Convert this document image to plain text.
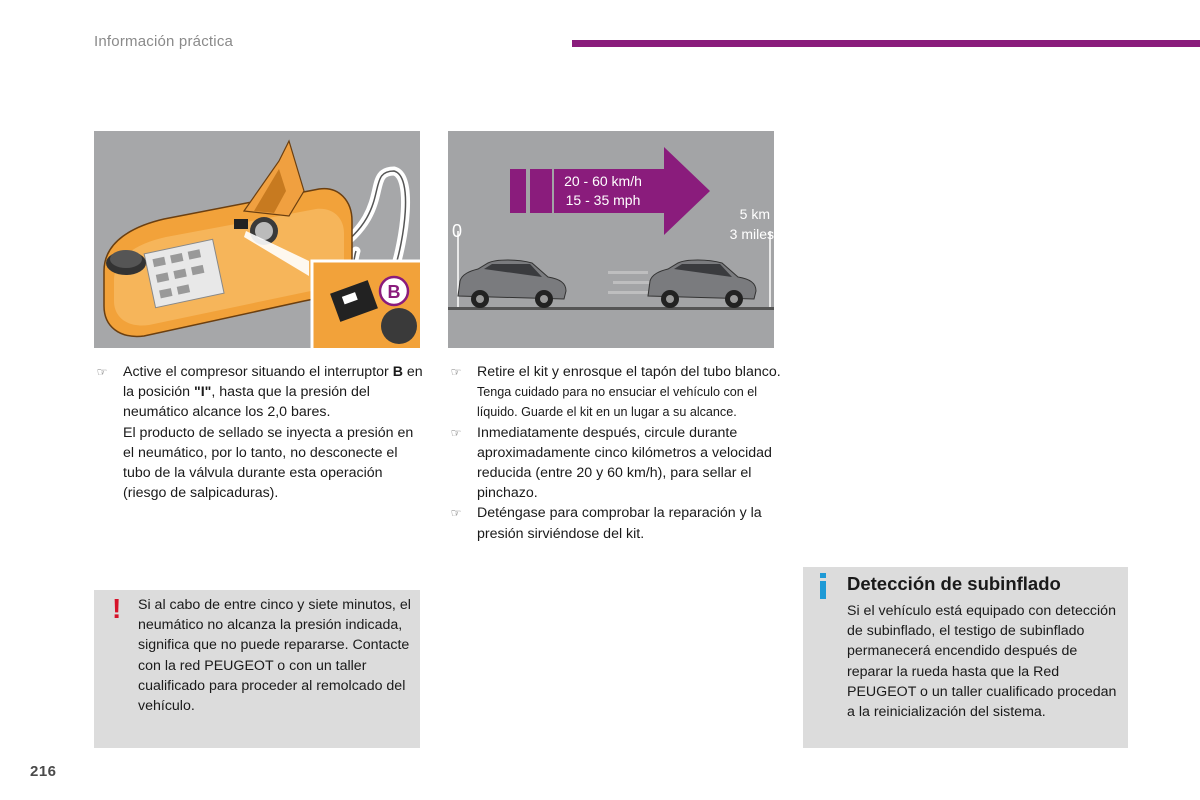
Información práctica
B
20 - 60 km/h
15 - 35 mph
0
5 km
3 miles
☞ Active el compresor situando el interruptor B en la posición "I", hasta que la presión del neumático alcance los 2,0 bares.
El producto de sellado se inyecta a presión en el neumático, por lo tanto, no desconecte el tubo de la válvula durante esta operación (riesgo de salpicaduras).
☞ Retire el kit y enrosque el tapón del tubo blanco.
Tenga cuidado para no ensuciar el vehículo con el líquido. Guarde el kit en un lugar a su alcance.
☞ Inmediatamente después, circule durante aproximadamente cinco kilómetros a velocidad reducida (entre 20 y 60 km/h), para sellar el pinchazo.
☞ Deténgase para comprobar la reparación y la presión sirviéndose del kit.
! Si al cabo de entre cinco y siete minutos, el neumático no alcanza la presión indicada, significa que no puede repararse. Contacte con la red PEUGEOT o con un taller cualificado para proceder al remolcado del vehículo.
Detección de subinflado
Si el vehículo está equipado con detección de subinflado, el testigo de subinflado permanecerá encendido después de reparar la rueda hasta que la Red PEUGEOT o un taller cualificado procedan a la reinicialización del sistema.
216
